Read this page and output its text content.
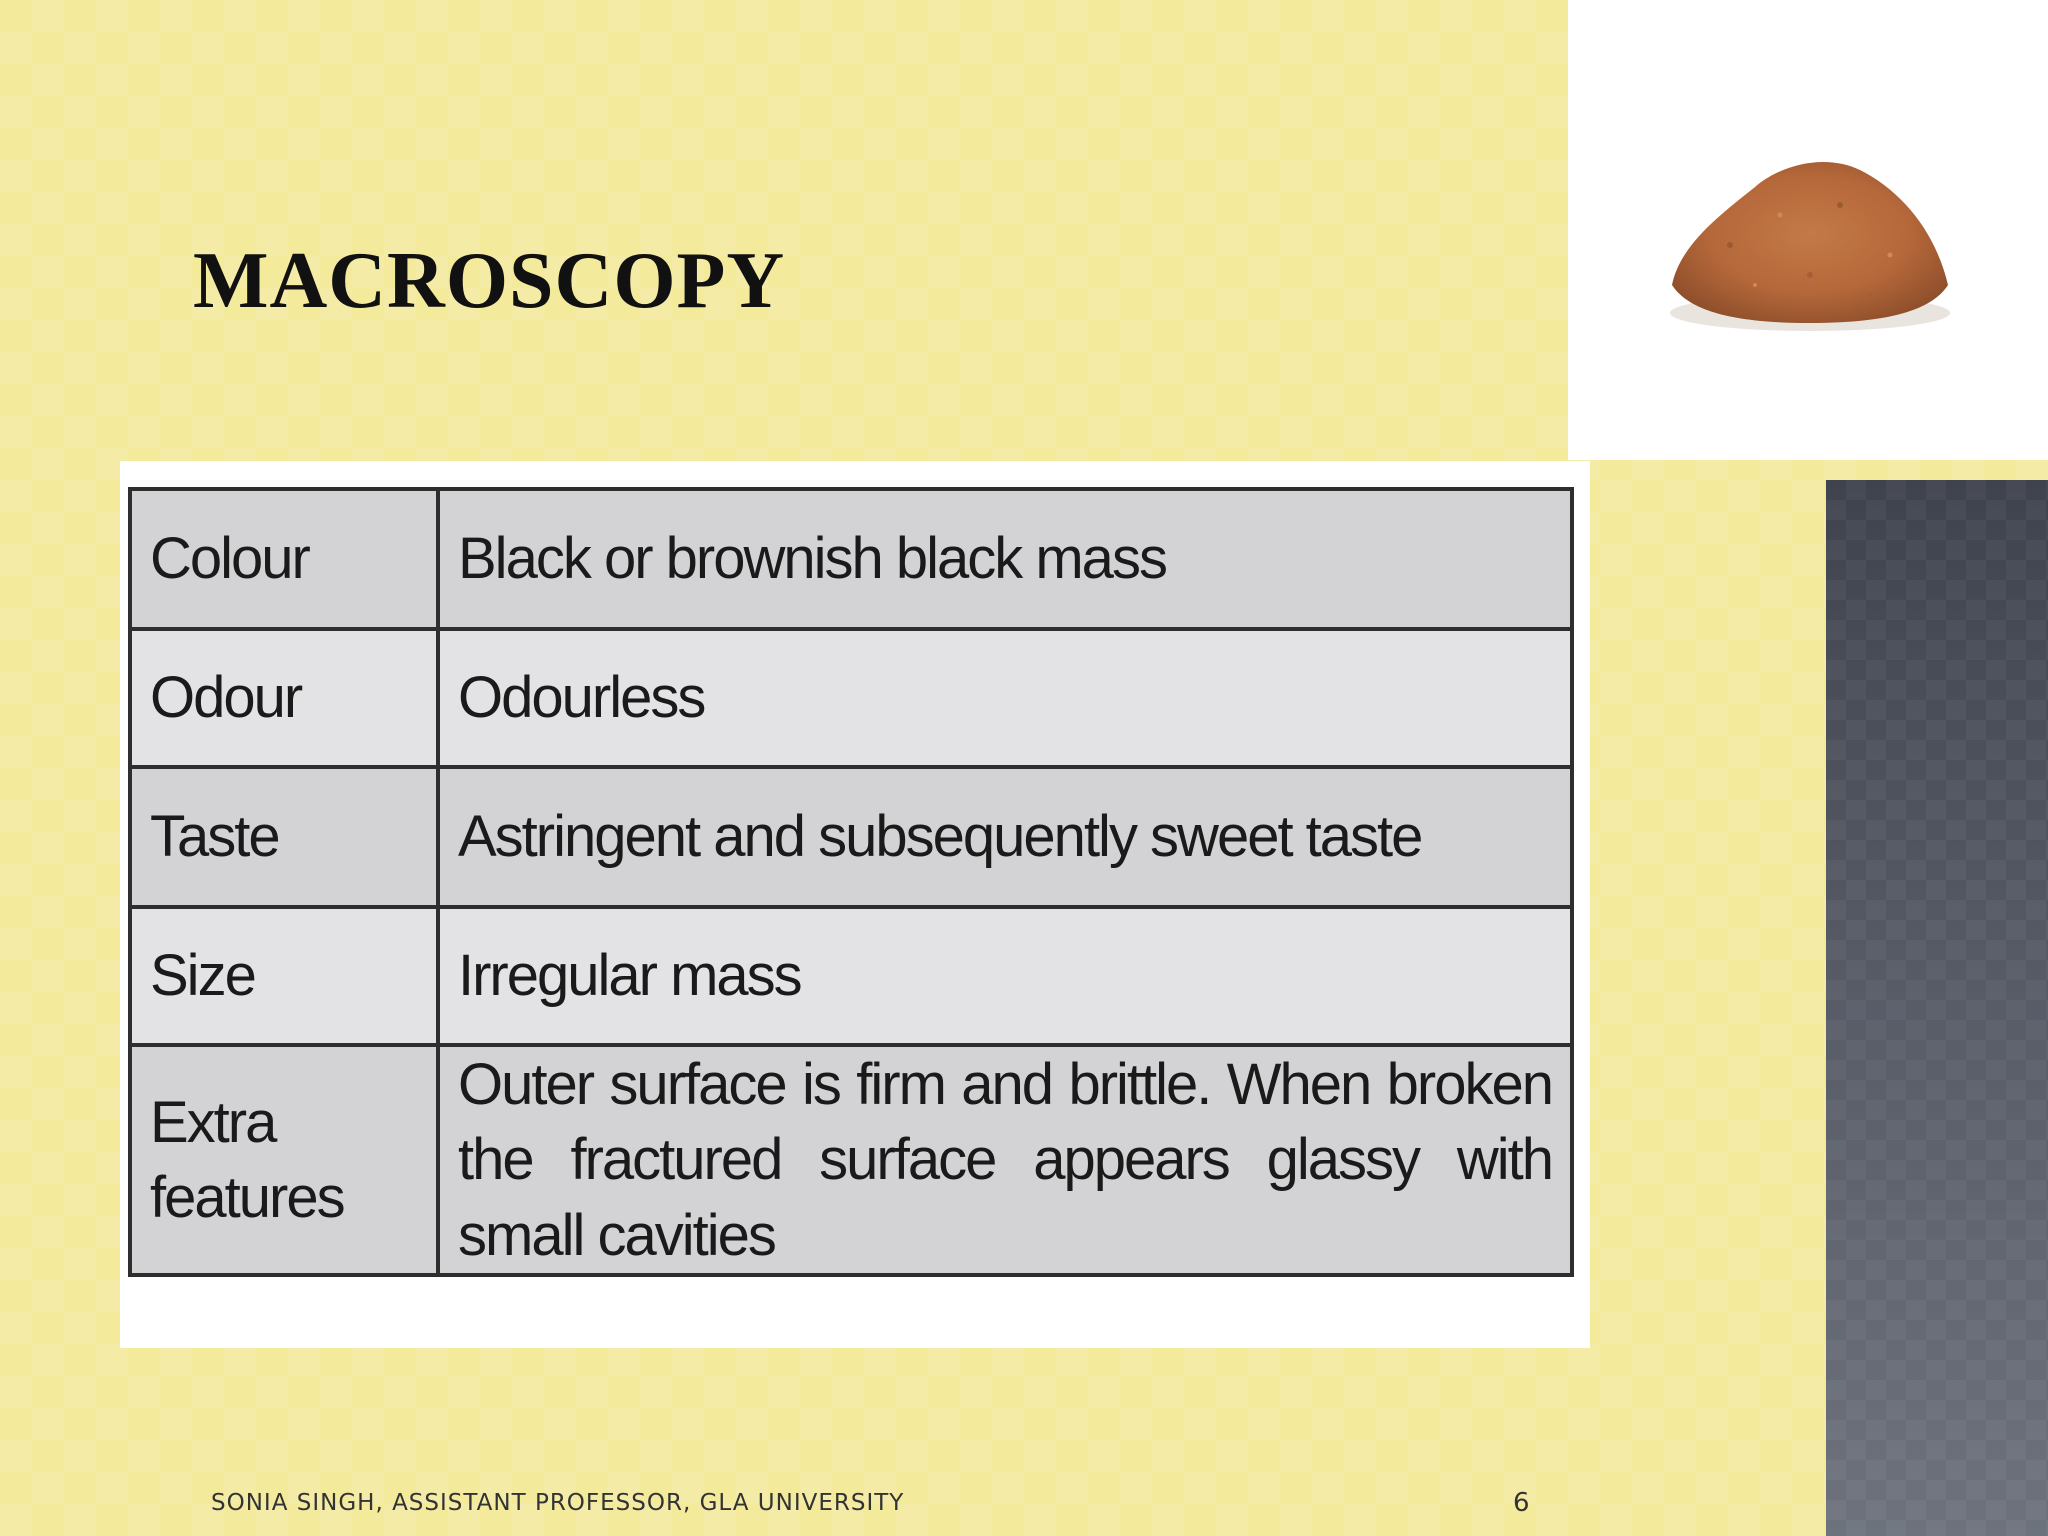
MACROSCOPY
Colour	Black or brownish black mass
Odour	Odourless
Taste	Astringent and subsequently sweet taste
Size	Irregular mass
Extra features	Outer surface is firm and brittle. When broken the fractured surface appears glassy with small cavities
SONIA SINGH, ASSISTANT PROFESSOR, GLA UNIVERSITY	6
